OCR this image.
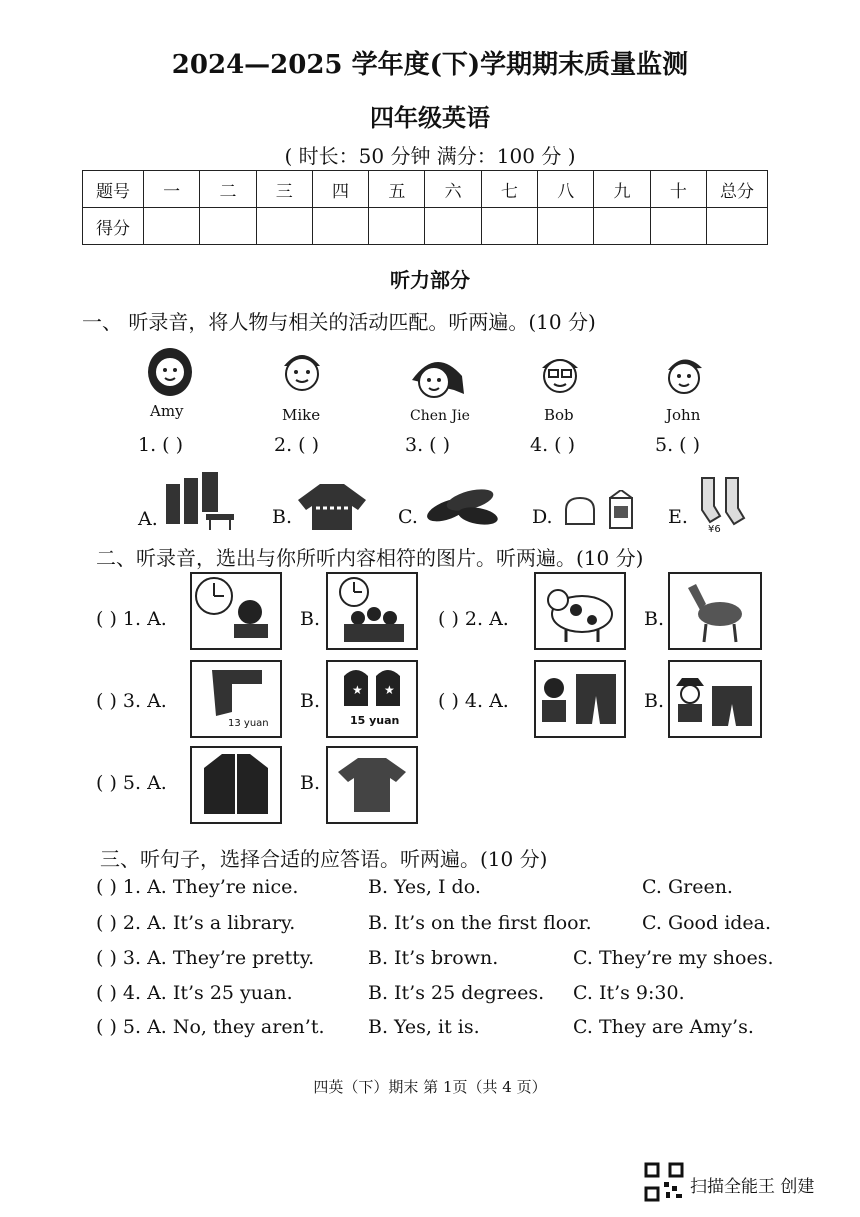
2024—2025 学年度(下)学期期末质量监测
四年级英语
( 时长：50 分钟 满分：100 分 )
题号	一	二	三	四	五	六	七	八	九	十	总分
得分											
听力部分
一、 听录音，将人物与相关的活动匹配。听两遍。(10 分)
Amy	Mike	Chen Jie	Bob	John
1. ( )	2. ( )	3. ( )	4. ( )	5. ( )
A.	B.	C.	D.	E.
¥6
二、听录音，选出与你所听内容相符的图片。听两遍。(10 分)
( ) 1. A.	B.	( ) 2. A.	B.
( ) 3. A.
13 yuan
B.	★ ★
15 yuan
( ) 4. A.	B.
( ) 5. A.	B.
三、听句子，选择合适的应答语。听两遍。(10 分)
( ) 1. A. They’re nice.	B. Yes, I do.	C. Green.
( ) 2. A. It’s a library.	B. It’s on the first floor.	C. Good idea.
( ) 3. A. They’re pretty.	B. It’s brown.	C. They’re my shoes.
( ) 4. A. It’s 25 yuan.	B. It’s 25 degrees. C. It’s 9:30.
( ) 5. A. No, they aren’t. B. Yes, it is.	C. They are Amy’s.
四英（下）期末 第 1页（共 4 页）
扫描全能王 创建
